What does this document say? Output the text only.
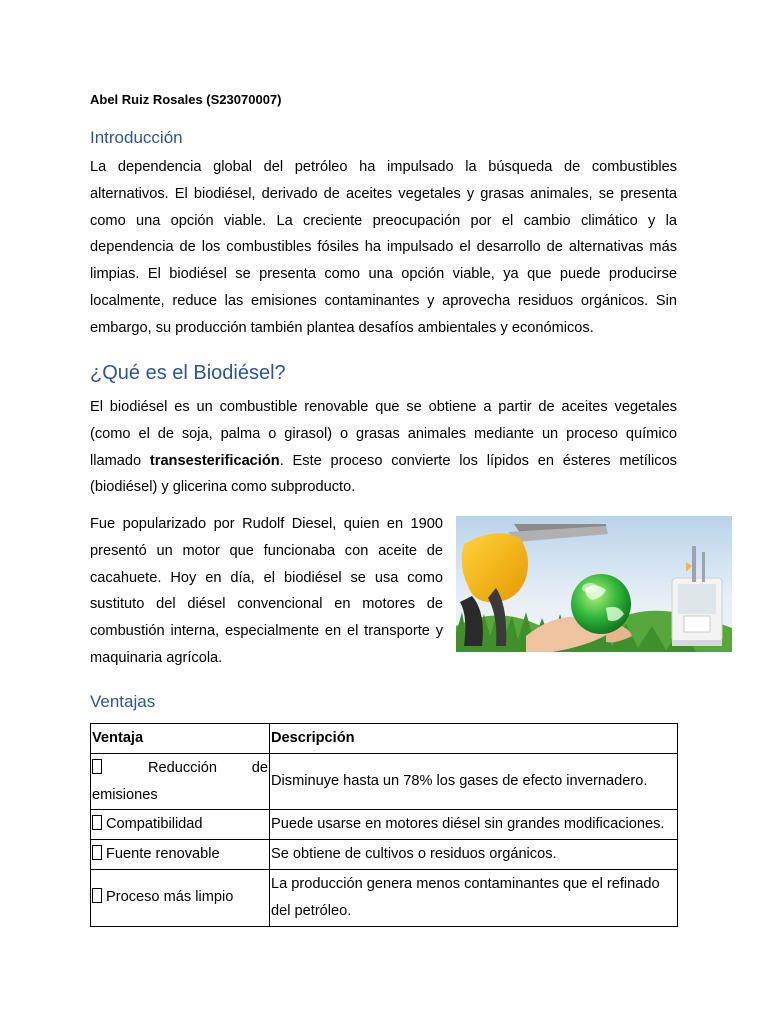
Abel Ruiz Rosales (S23070007)
Introducción

La dependencia global del petróleo ha impulsado la búsqueda de combustibles alternativos. El biodiésel, derivado de aceites vegetales y grasas animales, se presenta como una opción viable. La creciente preocupación por el cambio climático y la dependencia de los combustibles fósiles ha impulsado el desarrollo de alternativas más limpias. El biodiésel se presenta como una opción viable, ya que puede producirse localmente, reduce las emisiones contaminantes y aprovecha residuos orgánicos. Sin embargo, su producción también plantea desafíos ambientales y económicos.

¿Qué es el Biodiésel?

El biodiésel es un combustible renovable que se obtiene a partir de aceites vegetales (como el de soja, palma o girasol) o grasas animales mediante un proceso químico llamado transesterificación. Este proceso convierte los lípidos en ésteres metílicos (biodiésel) y glicerina como subproducto.

Fue popularizado por Rudolf Diesel, quien en 1900 presentó un motor que funcionaba con aceite de cacahuete. Hoy en día, el biodiésel se usa como sustituto del diésel convencional en motores de combustión interna, especialmente en el transporte y maquinaria agrícola.

Ventajas
Ventaja	Descripción

Reducción de
emisiones	Disminuye hasta un 78% los gases de efecto invernadero.
Compatibilidad	Puede usarse en motores diésel sin grandes modificaciones.
Fuente renovable	Se obtiene de cultivos o residuos orgánicos.
Proceso más limpio	La producción genera menos contaminantes que el refinado del petróleo.
